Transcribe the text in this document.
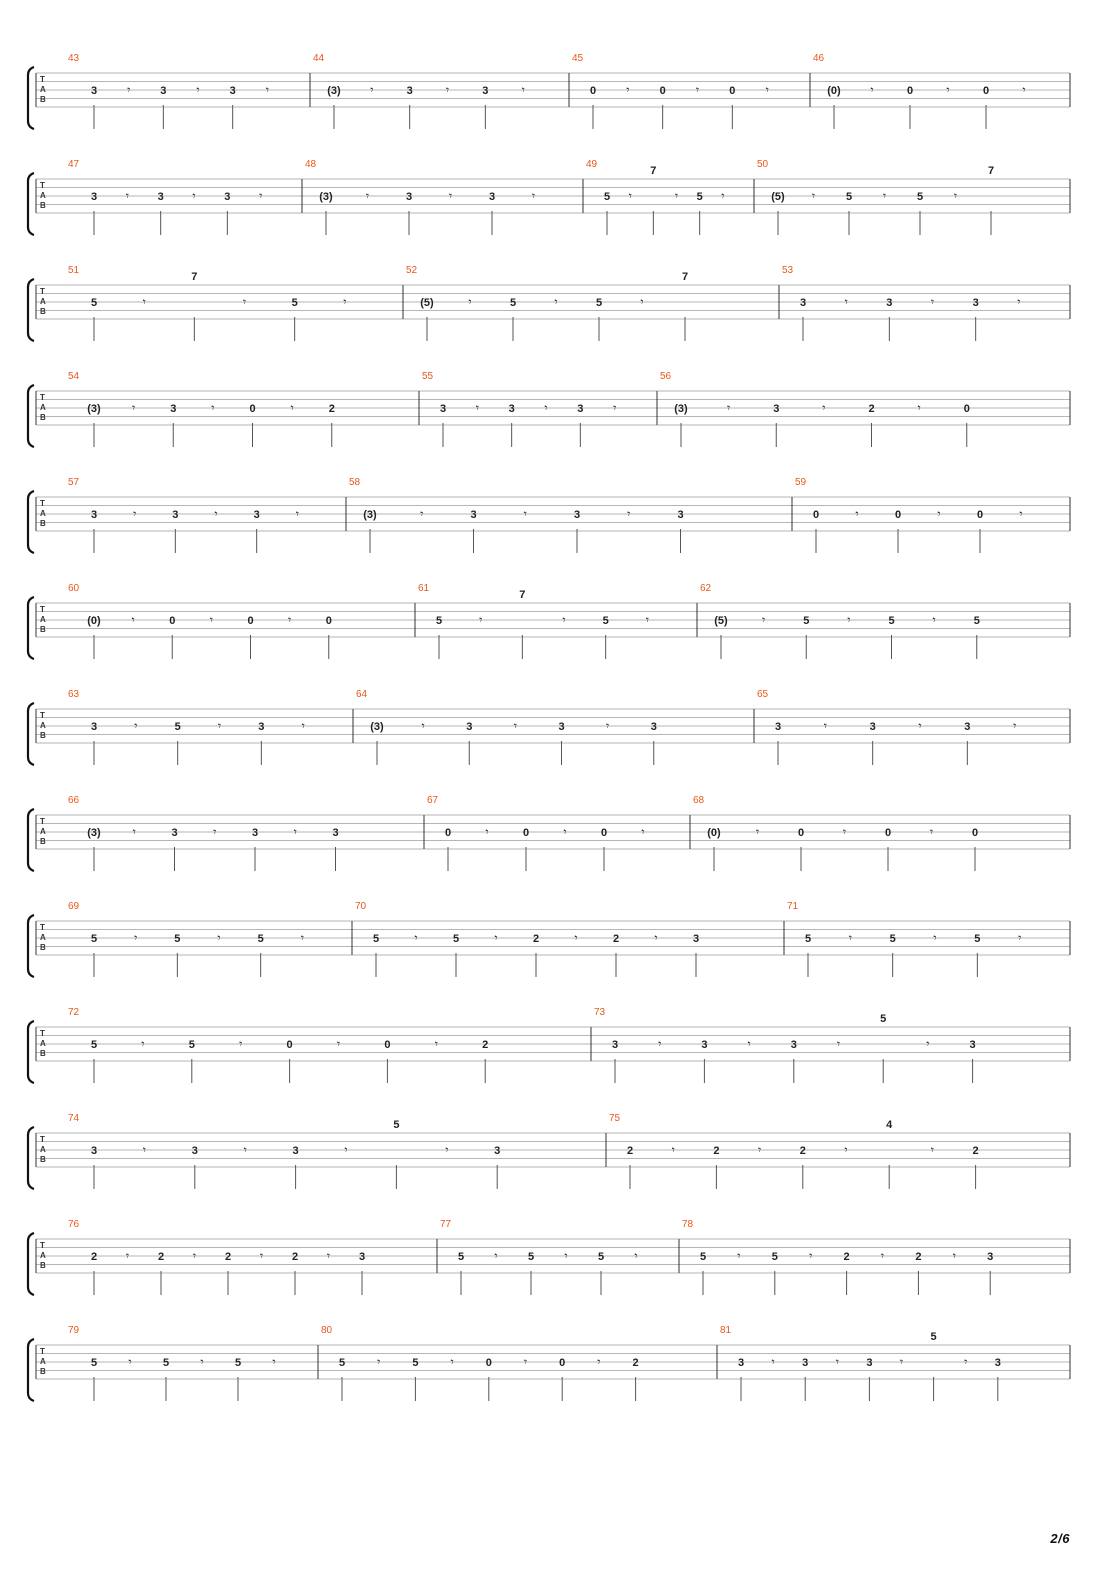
T
A
B
43
3	𝄾	3	𝄾	3	𝄾
44
(3) 𝄾	3	𝄾	3	𝄾
45
0	𝄾	0	𝄾	0	𝄾
46
(0) 𝄾	0	𝄾	0	𝄾
T
A
B
47
3 𝄾	3 𝄾	3 𝄾
48
(3)	𝄾	3	𝄾	3	𝄾
49
5 𝄾
7
𝄾 5 𝄾
50
(5) 𝄾	5	𝄾	5	𝄾
7
T
A
B
51
5	𝄾
7
𝄾	5	𝄾
52
(5)	𝄾	5	𝄾	5	𝄾
7
53
3	𝄾	3	𝄾	3	𝄾
T
A
B
54
(3)	𝄾	3	𝄾	0	𝄾	2
55
3 𝄾	3 𝄾	3 𝄾
56
(3)	𝄾	3	𝄾	2	𝄾	0
T
A
B
57
3	𝄾	3	𝄾	3	𝄾
58
(3)	𝄾	3	𝄾	3	𝄾	3
59
0	𝄾	0	𝄾	0	𝄾
T
A
B
60
(0)	𝄾	0	𝄾	0	𝄾	0
61
5	𝄾
7
𝄾	5	𝄾
62
(5)	𝄾	5	𝄾	5	𝄾	5
T
A
B
63
3	𝄾	5	𝄾	3	𝄾
64
(3)	𝄾	3	𝄾	3	𝄾	3
65
3	𝄾	3	𝄾	3	𝄾
T
A
B
66
(3)	𝄾	3	𝄾	3	𝄾	3
67
0	𝄾	0	𝄾	0	𝄾
68
(0)	𝄾	0	𝄾	0	𝄾	0
T
A
B
69
5	𝄾	5	𝄾	5	𝄾
70
5	𝄾	5	𝄾	2	𝄾	2	𝄾	3
71
5	𝄾	5	𝄾	5	𝄾
T
A
B
72
5	𝄾	5	𝄾	0	𝄾	0	𝄾	2
73
3	𝄾	3	𝄾	3	𝄾
5
𝄾	3
T
A
B
74
3	𝄾	3	𝄾	3	𝄾
5
𝄾	3
75
2	𝄾	2	𝄾	2	𝄾
4
𝄾	2
T
A
B
76
2 𝄾	2 𝄾	2 𝄾	2 𝄾	3
77
5	𝄾	5	𝄾	5	𝄾
78
5	𝄾	5	𝄾	2	𝄾	2	𝄾	3
T
A
B
79
5	𝄾	5	𝄾	5	𝄾
80
5	𝄾	5	𝄾	0	𝄾	0	𝄾	2
81
3 𝄾 3 𝄾 3 𝄾
5
𝄾 3
2/6
